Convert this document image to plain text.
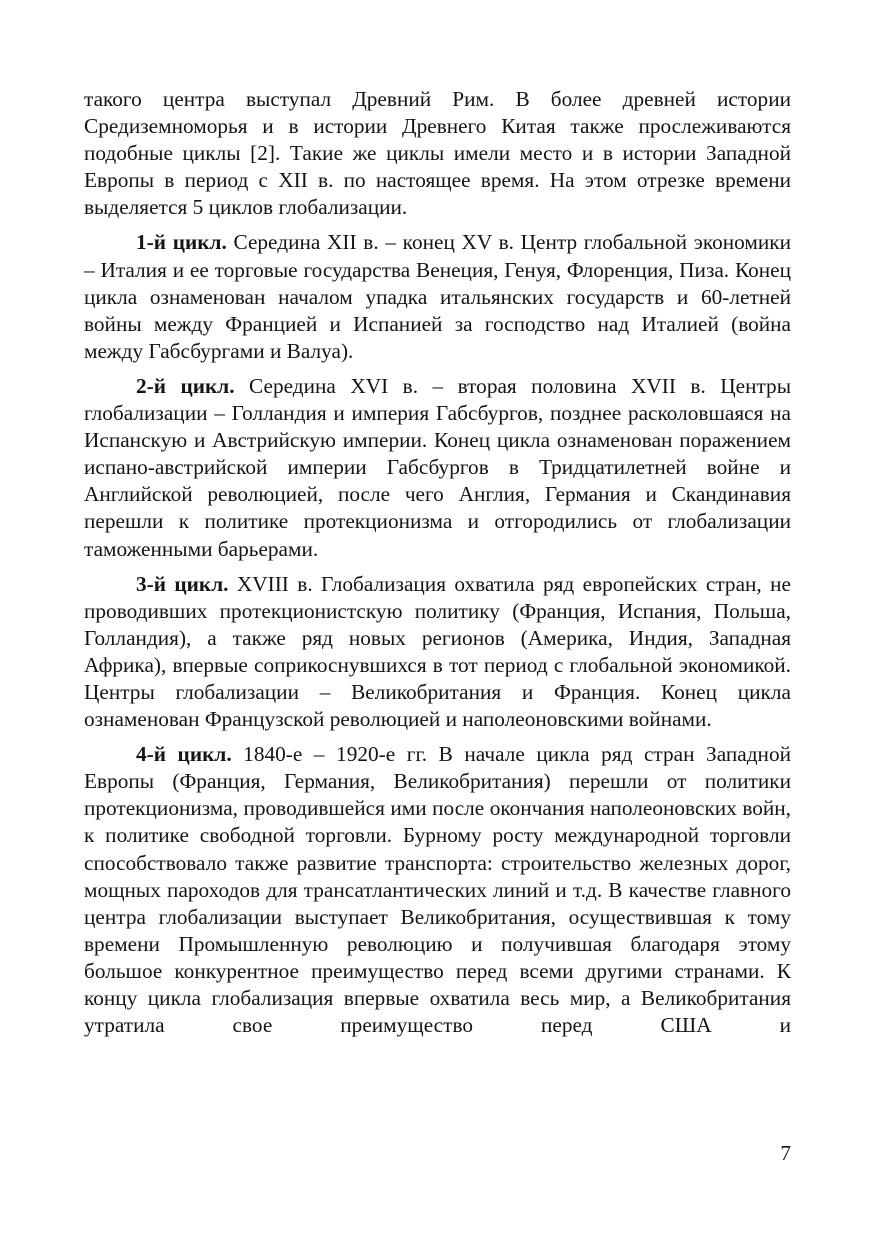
такого центра выступал Древний Рим. В более древней истории Средиземноморья и в истории Древнего Китая также прослеживаются подобные циклы [2]. Такие же циклы имели место и в истории Западной Европы в период с XII в. по настоящее время. На этом отрезке времени выделяется 5 циклов глобализации.

1-й цикл. Середина XII в. – конец XV в. Центр глобальной экономики – Италия и ее торговые государства Венеция, Генуя, Флоренция, Пиза. Конец цикла ознаменован началом упадка итальянских государств и 60-летней войны между Францией и Испанией за господство над Италией (война между Габсбургами и Валуа).

2-й цикл. Середина XVI в. – вторая половина XVII в. Центры глобализации – Голландия и империя Габсбургов, позднее расколовшаяся на Испанскую и Австрийскую империи. Конец цикла ознаменован поражением испано-австрийской империи Габсбургов в Тридцатилетней войне и Английской революцией, после чего Англия, Германия и Скандинавия перешли к политике протекционизма и отгородились от глобализации таможенными барьерами.

3-й цикл. XVIII в. Глобализация охватила ряд европейских стран, не проводивших протекционистскую политику (Франция, Испания, Польша, Голландия), а также ряд новых регионов (Америка, Индия, Западная Африка), впервые соприкоснувшихся в тот период с глобальной экономикой. Центры глобализации – Великобритания и Франция. Конец цикла ознаменован Французской революцией и наполеоновскими войнами.

4-й цикл. 1840-е – 1920-е гг. В начале цикла ряд стран Западной Европы (Франция, Германия, Великобритания) перешли от политики протекционизма, проводившейся ими после окончания наполеоновских войн, к политике свободной торговли. Бурному росту международной торговли способствовало также развитие транспорта: строительство железных дорог, мощных пароходов для трансатлантических линий и т.д. В качестве главного центра глобализации выступает Великобритания, осуществившая к тому времени Промышленную революцию и получившая благодаря этому большое конкурентное преимущество перед всеми другими странами. К концу цикла глобализация впервые охватила весь мир, а Великобритания утратила свое преимущество перед США и

7
